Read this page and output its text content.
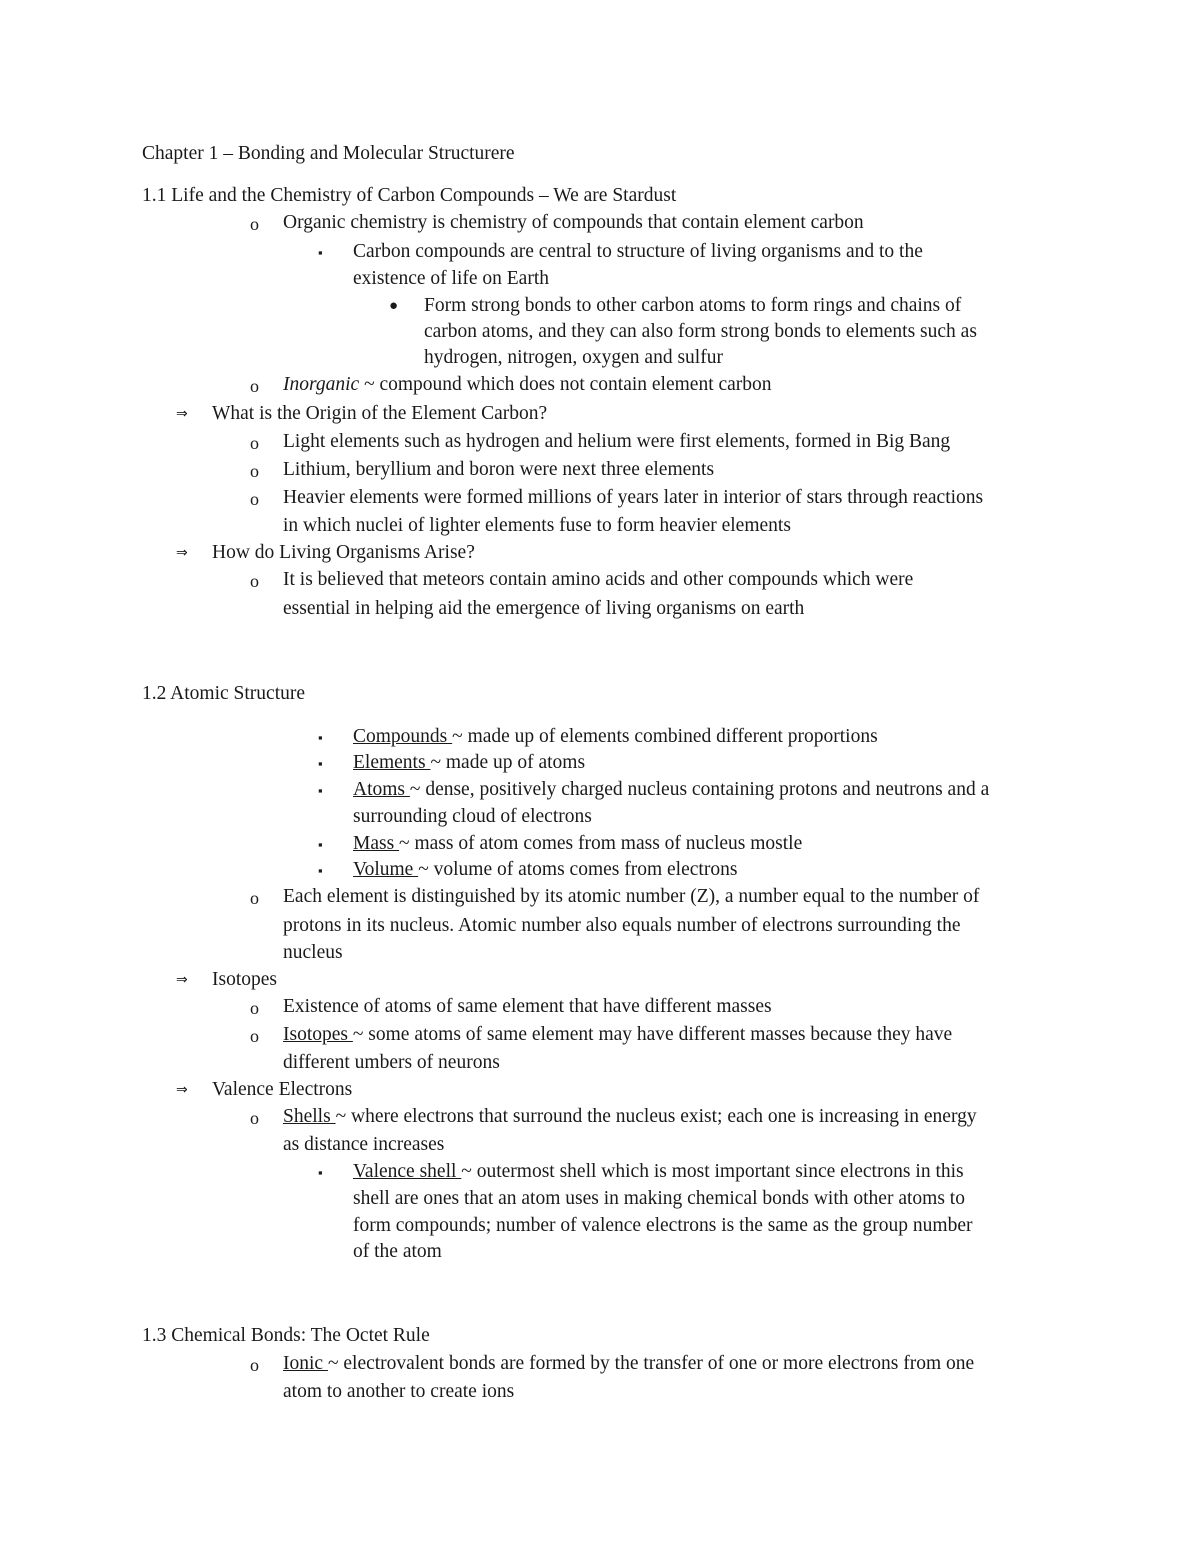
Chapter 1 – Bonding and Molecular Structurere
1.1 Life and the Chemistry of Carbon Compounds – We are Stardust
o Organic chemistry is chemistry of compounds that contain element carbon
▪ Carbon compounds are central to structure of living organisms and to the
existence of life on Earth
● Form strong bonds to other carbon atoms to form rings and chains of
carbon atoms, and they can also form strong bonds to elements such as
hydrogen, nitrogen, oxygen and sulfur
o Inorganic ~ compound which does not contain element carbon
⇒ What is the Origin of the Element Carbon?
o Light elements such as hydrogen and helium were first elements, formed in Big Bang
o Lithium, beryllium and boron were next three elements
o Heavier elements were formed millions of years later in interior of stars through reactions
in which nuclei of lighter elements fuse to form heavier elements
⇒ How do Living Organisms Arise?
o It is believed that meteors contain amino acids and other compounds which were
essential in helping aid the emergence of living organisms on earth
1.2 Atomic Structure
▪ Compounds ~ made up of elements combined different proportions
▪ Elements ~ made up of atoms
▪ Atoms ~ dense, positively charged nucleus containing protons and neutrons and a
surrounding cloud of electrons
▪ Mass ~ mass of atom comes from mass of nucleus mostle
▪ Volume ~ volume of atoms comes from electrons
o Each element is distinguished by its atomic number (Z), a number equal to the number of
protons in its nucleus. Atomic number also equals number of electrons surrounding the
nucleus
⇒ Isotopes
o Existence of atoms of same element that have different masses
o Isotopes ~ some atoms of same element may have different masses because they have
different umbers of neurons
⇒ Valence Electrons
o Shells ~ where electrons that surround the nucleus exist; each one is increasing in energy
as distance increases
▪ Valence shell ~ outermost shell which is most important since electrons in this
shell are ones that an atom uses in making chemical bonds with other atoms to
form compounds; number of valence electrons is the same as the group number
of the atom
1.3 Chemical Bonds: The Octet Rule
o Ionic ~ electrovalent bonds are formed by the transfer of one or more electrons from one
atom to another to create ions
